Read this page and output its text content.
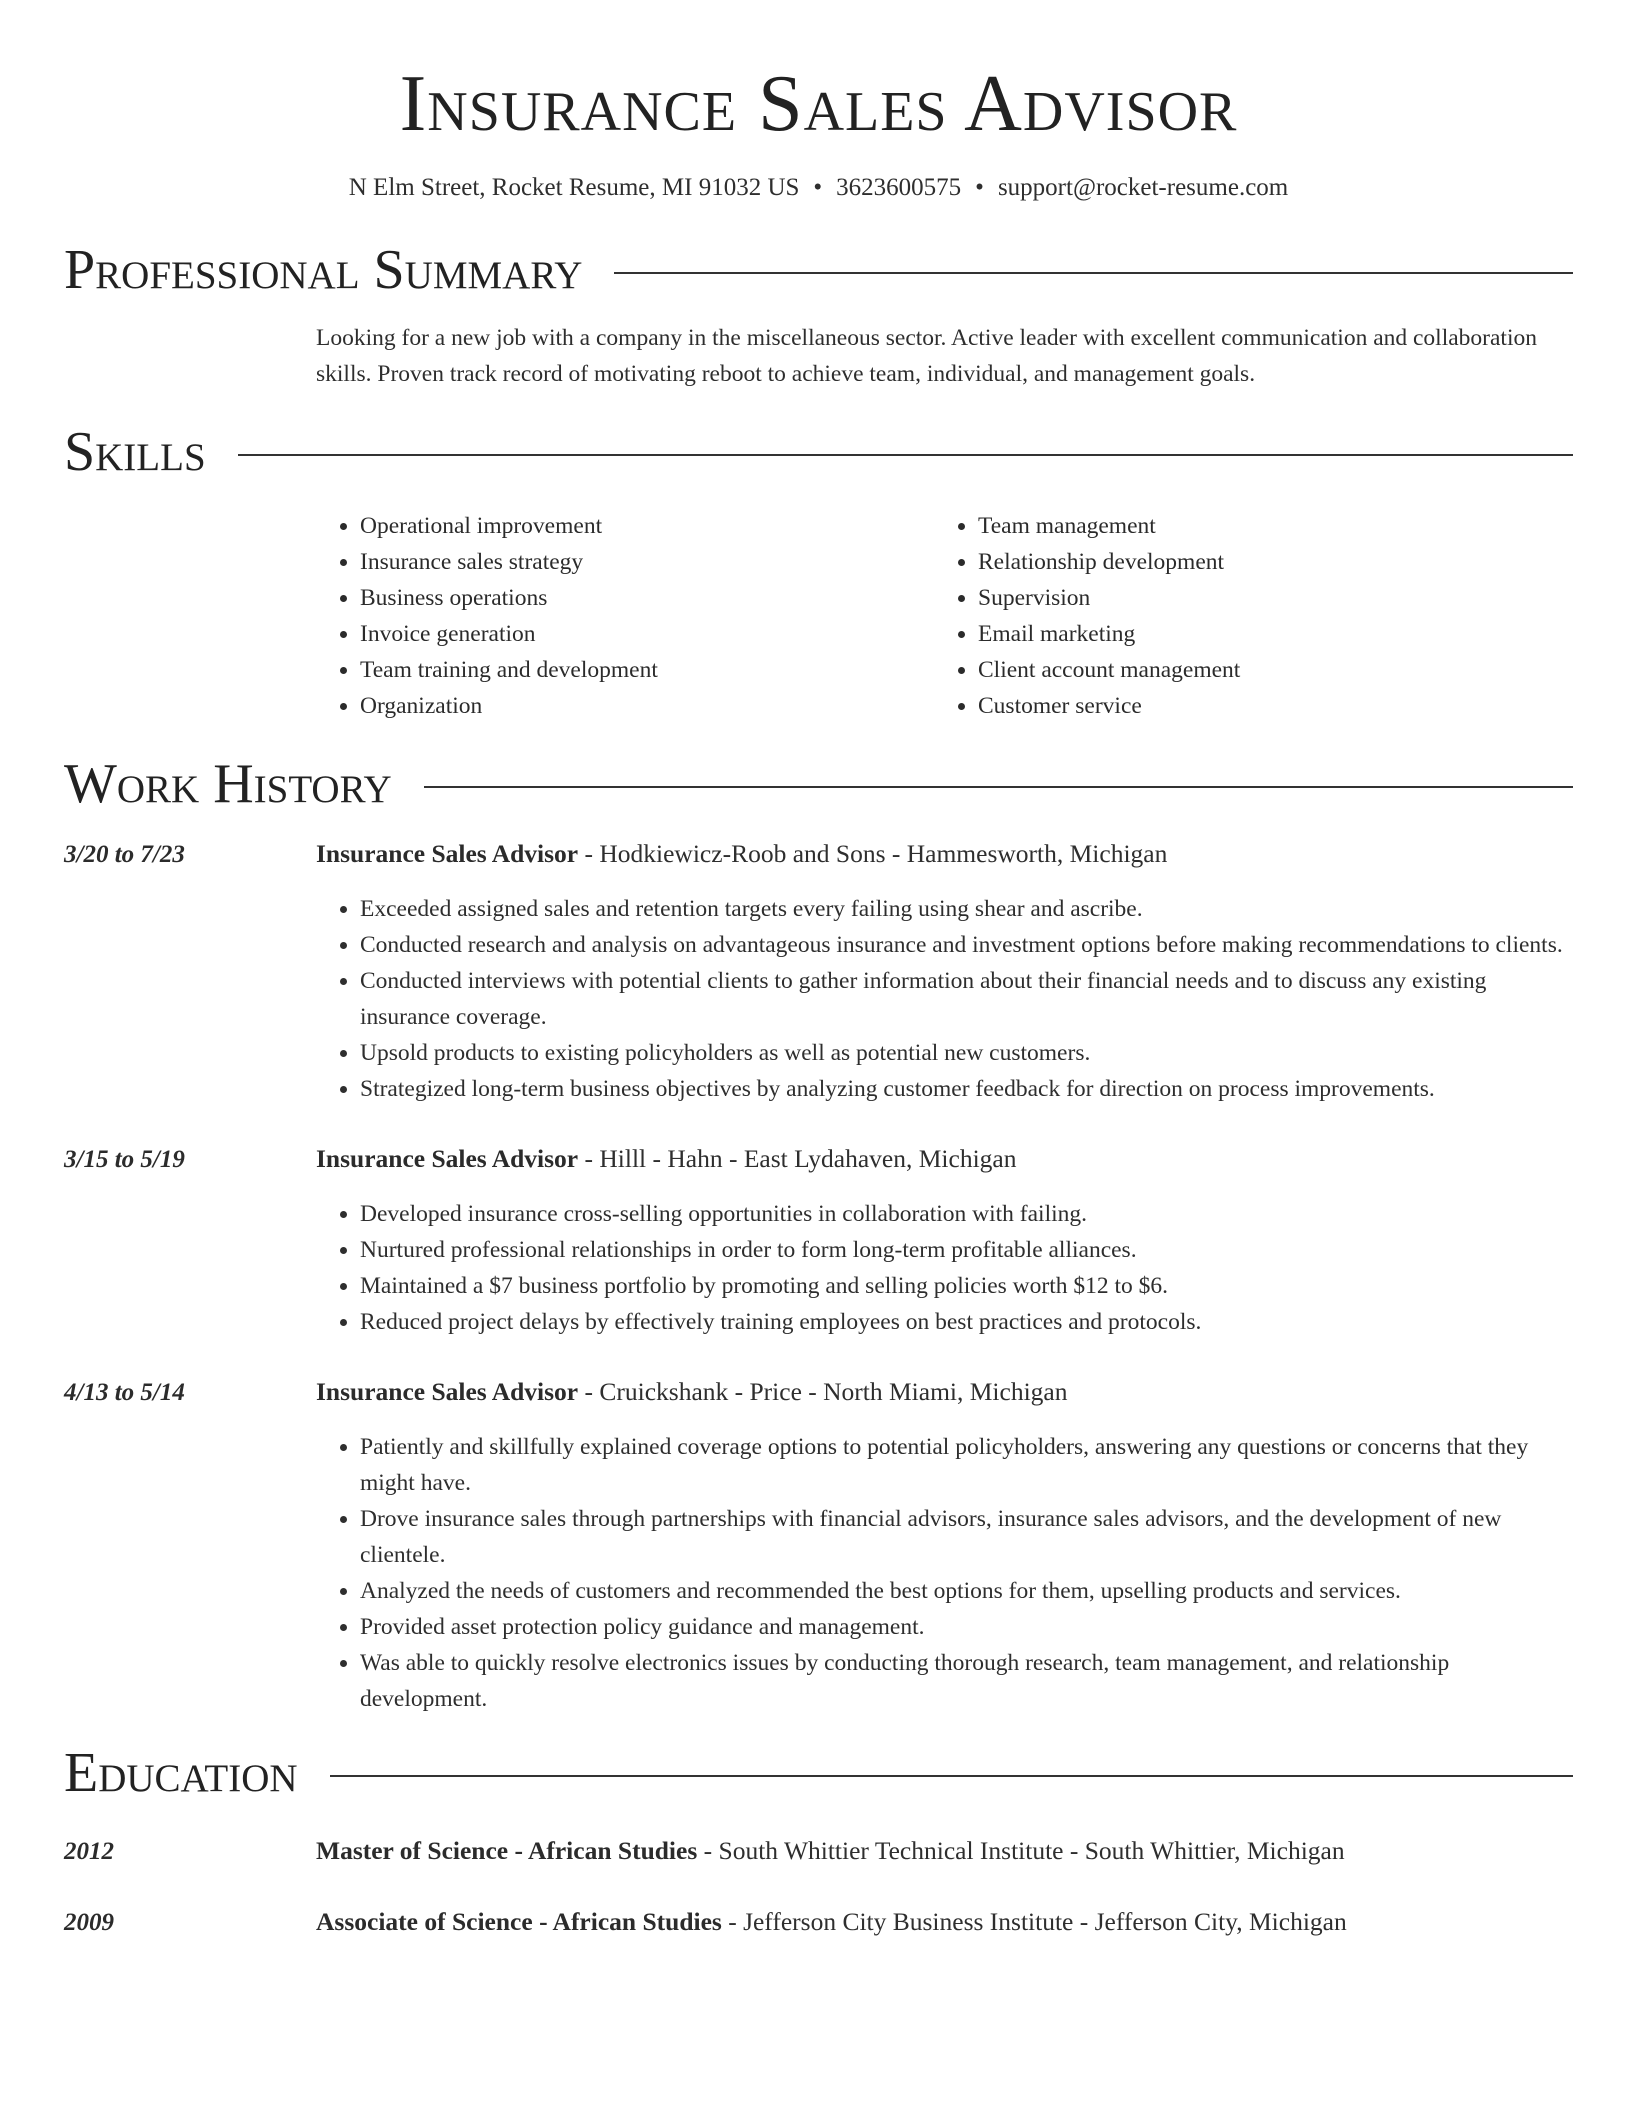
Insurance Sales Advisor
N Elm Street, Rocket Resume, MI 91032 US • 3623600575 • support@rocket-resume.com
Professional Summary

Looking for a new job with a company in the miscellaneous sector. Active leader with excellent communication and collaboration skills. Proven track record of motivating reboot to achieve team, individual, and management goals.

Skills
• Operational improvement
• Insurance sales strategy
• Business operations
• Invoice generation
• Team training and development
• Organization
• Team management
• Relationship development
• Supervision
• Email marketing
• Client account management
• Customer service
Work History
3/20 to 7/23	Insurance Sales Advisor - Hodkiewicz-Roob and Sons - Hammesworth, Michigan
• Exceeded assigned sales and retention targets every failing using shear and ascribe.
• Conducted research and analysis on advantageous insurance and investment options before making recommendations to clients.
• Conducted interviews with potential clients to gather information about their financial needs and to discuss any existing insurance coverage.
• Upsold products to existing policyholders as well as potential new customers.
• Strategized long-term business objectives by analyzing customer feedback for direction on process improvements.
3/15 to 5/19	Insurance Sales Advisor - Hilll - Hahn - East Lydahaven, Michigan
• Developed insurance cross-selling opportunities in collaboration with failing.
• Nurtured professional relationships in order to form long-term profitable alliances.
• Maintained a $7 business portfolio by promoting and selling policies worth $12 to $6.
• Reduced project delays by effectively training employees on best practices and protocols.
4/13 to 5/14	Insurance Sales Advisor - Cruickshank - Price - North Miami, Michigan
• Patiently and skillfully explained coverage options to potential policyholders, answering any questions or concerns that they might have.
• Drove insurance sales through partnerships with financial advisors, insurance sales advisors, and the development of new clientele.
• Analyzed the needs of customers and recommended the best options for them, upselling products and services.
• Provided asset protection policy guidance and management.
• Was able to quickly resolve electronics issues by conducting thorough research, team management, and relationship development.
Education
2012	Master of Science - African Studies - South Whittier Technical Institute - South Whittier, Michigan
2009	Associate of Science - African Studies - Jefferson City Business Institute - Jefferson City, Michigan
